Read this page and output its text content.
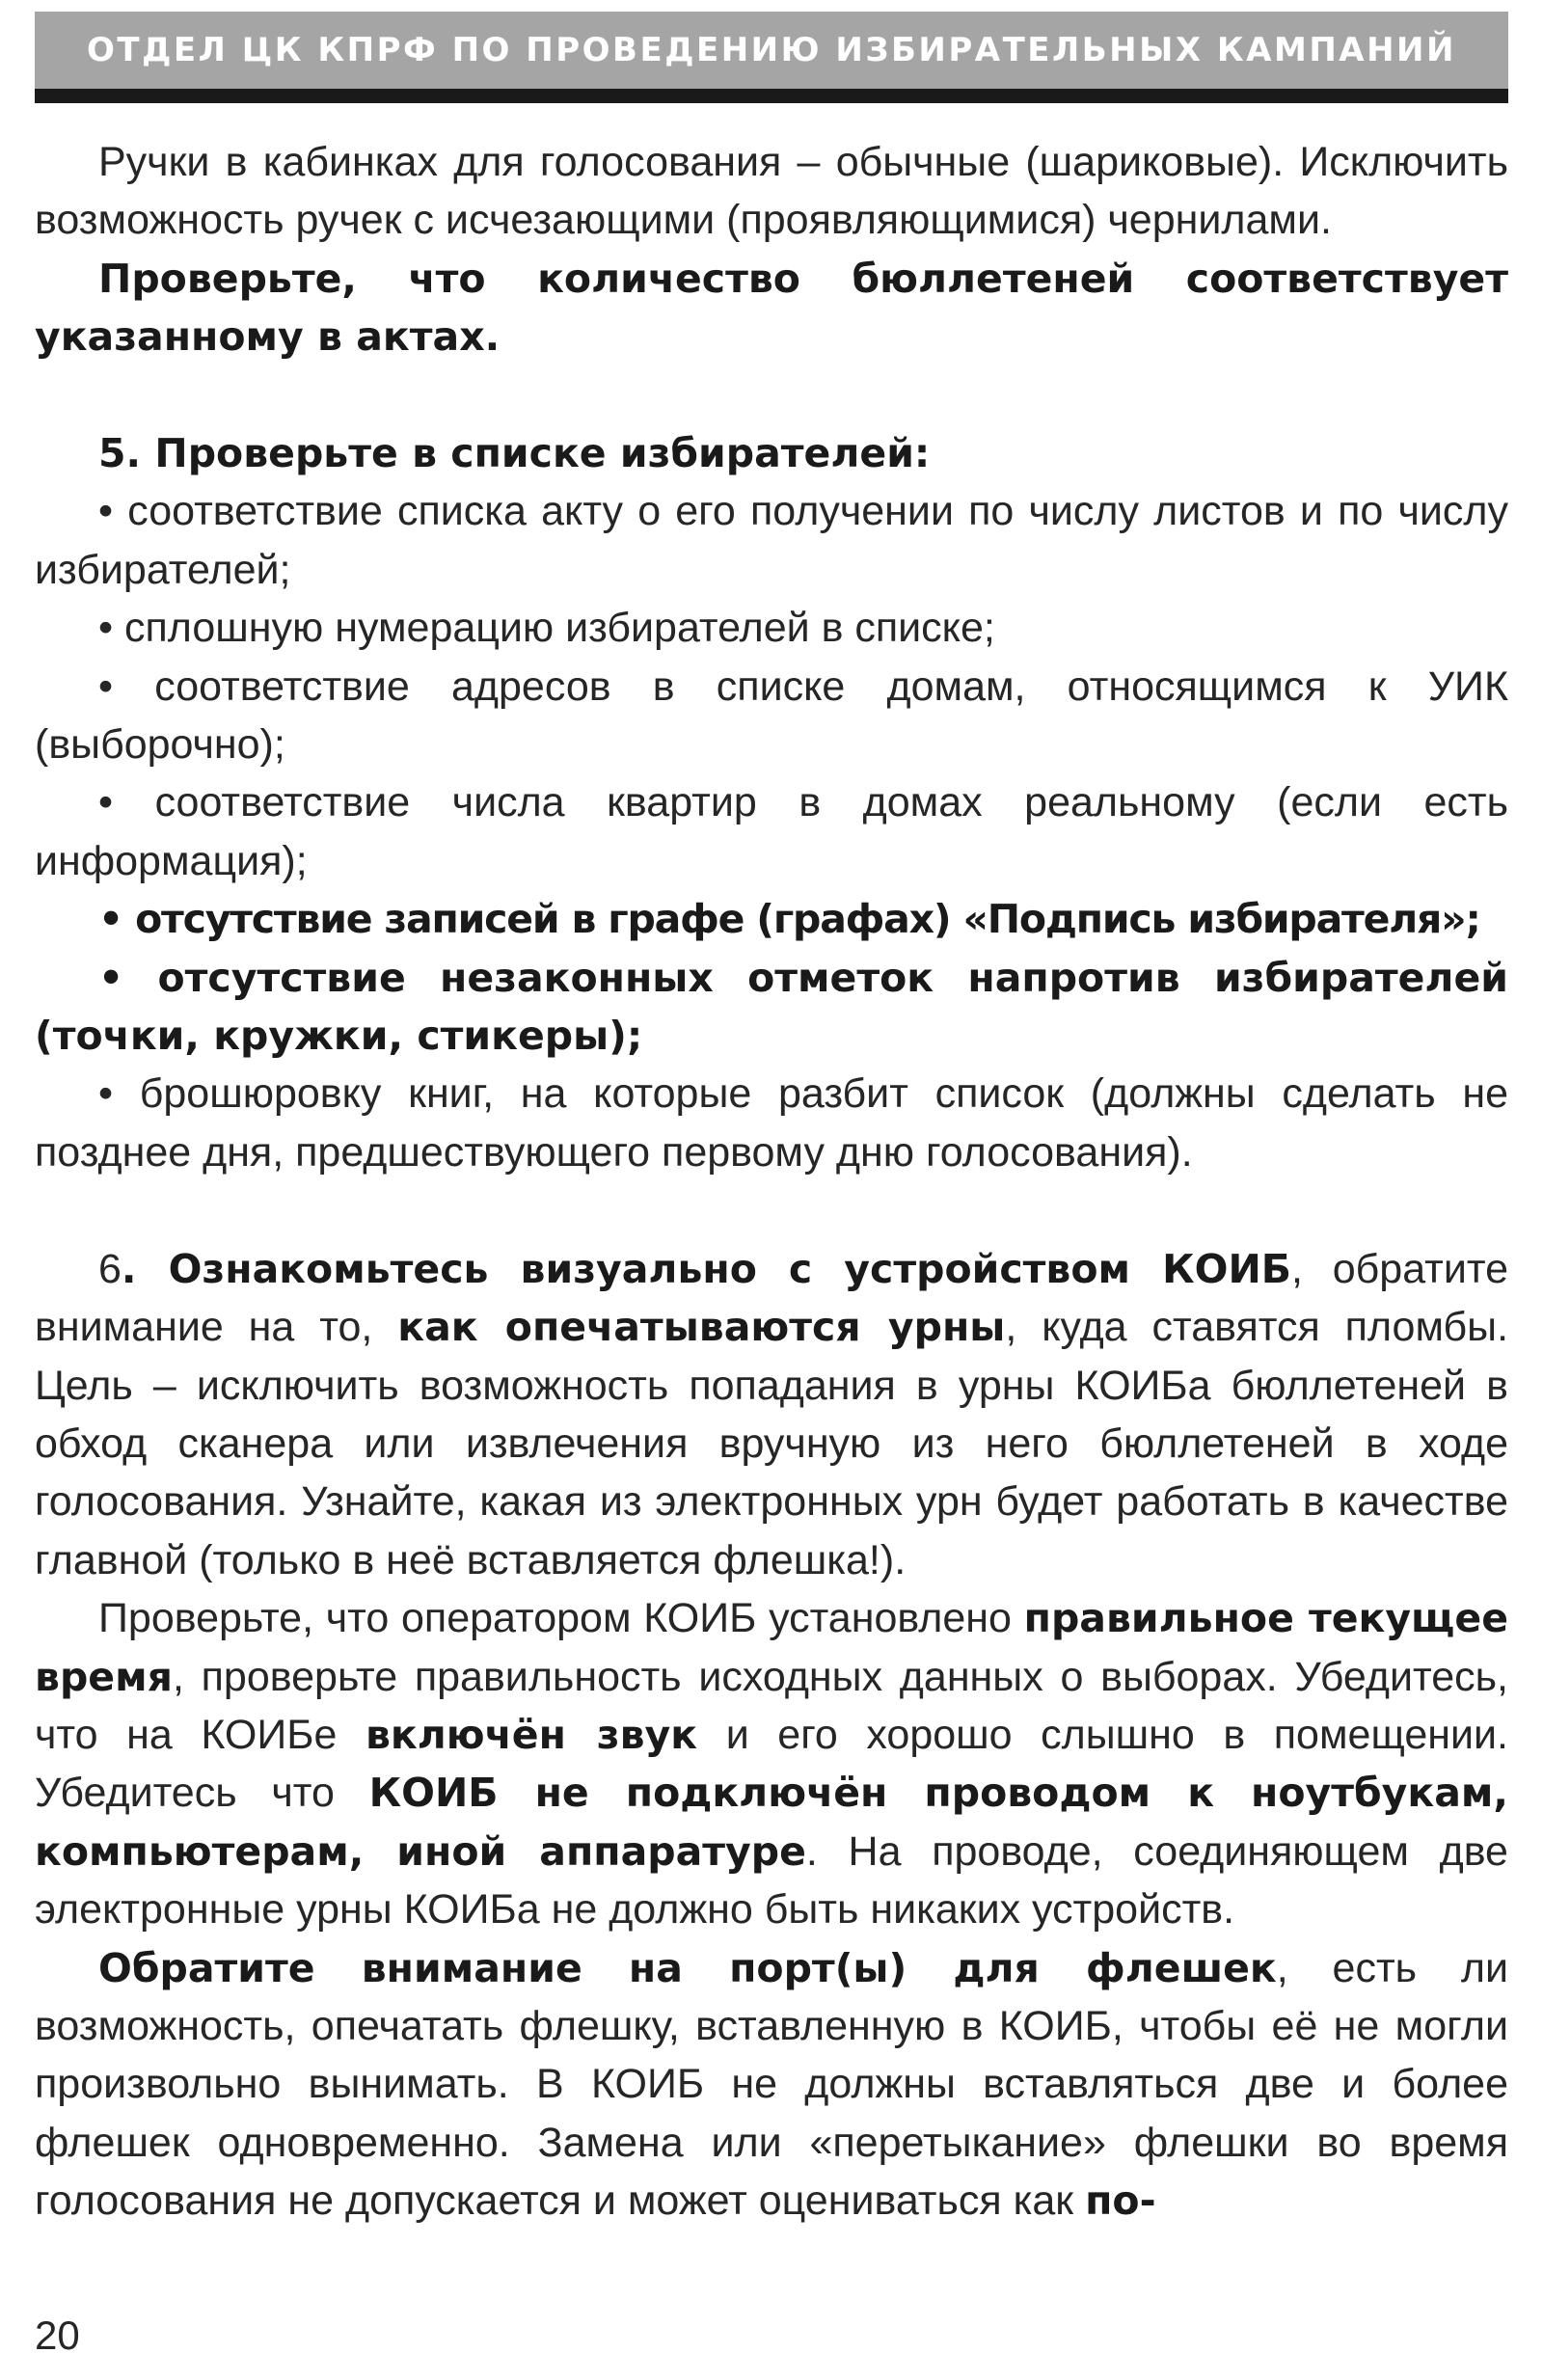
ОТДЕЛ ЦК КПРФ ПО ПРОВЕДЕНИЮ ИЗБИРАТЕЛЬНЫХ КАМПАНИЙ

Ручки в кабинках для голосования – обычные (шариковые). Исключить возможность ручек с исчезающими (проявляющимися) чернилами.

Проверьте, что количество бюллетеней соответствует указанному в актах.

5. Проверьте в списке избирателей:

• соответствие списка акту о его получении по числу листов и по числу избирателей;

• сплошную нумерацию избирателей в списке;

• соответствие адресов в списке домам, относящимся к УИК (выборочно);

• соответствие числа квартир в домах реальному (если есть информация);

• отсутствие записей в графе (графах) «Подпись избирателя»;

• отсутствие незаконных отметок напротив избирателей (точки, кружки, стикеры);

• брошюровку книг, на которые разбит список (должны сделать не позднее дня, предшествующего первому дню голосования).

6. Ознакомьтесь визуально с устройством КОИБ, обратите внимание на то, как опечатываются урны, куда ставятся пломбы. Цель – исключить возможность попадания в урны КОИБа бюллетеней в обход сканера или извлечения вручную из него бюллетеней в ходе голосования. Узнайте, какая из электронных урн будет работать в качестве главной (только в неё вставляется флешка!).

Проверьте, что оператором КОИБ установлено правильное текущее время, проверьте правильность исходных данных о выборах. Убедитесь, что на КОИБе включён звук и его хорошо слышно в помещении. Убедитесь что КОИБ не подключён проводом к ноутбукам, компьютерам, иной аппаратуре. На проводе, соединяющем две электронные урны КОИБа не должно быть никаких устройств.

Обратите внимание на порт(ы) для флешек, есть ли возможность, опечатать флешку, вставленную в КОИБ, чтобы её не могли произвольно вынимать. В КОИБ не должны вставляться две и более флешек одновременно. Замена или «перетыкание» флешки во время голосования не допускается и может оцениваться как по-

20
